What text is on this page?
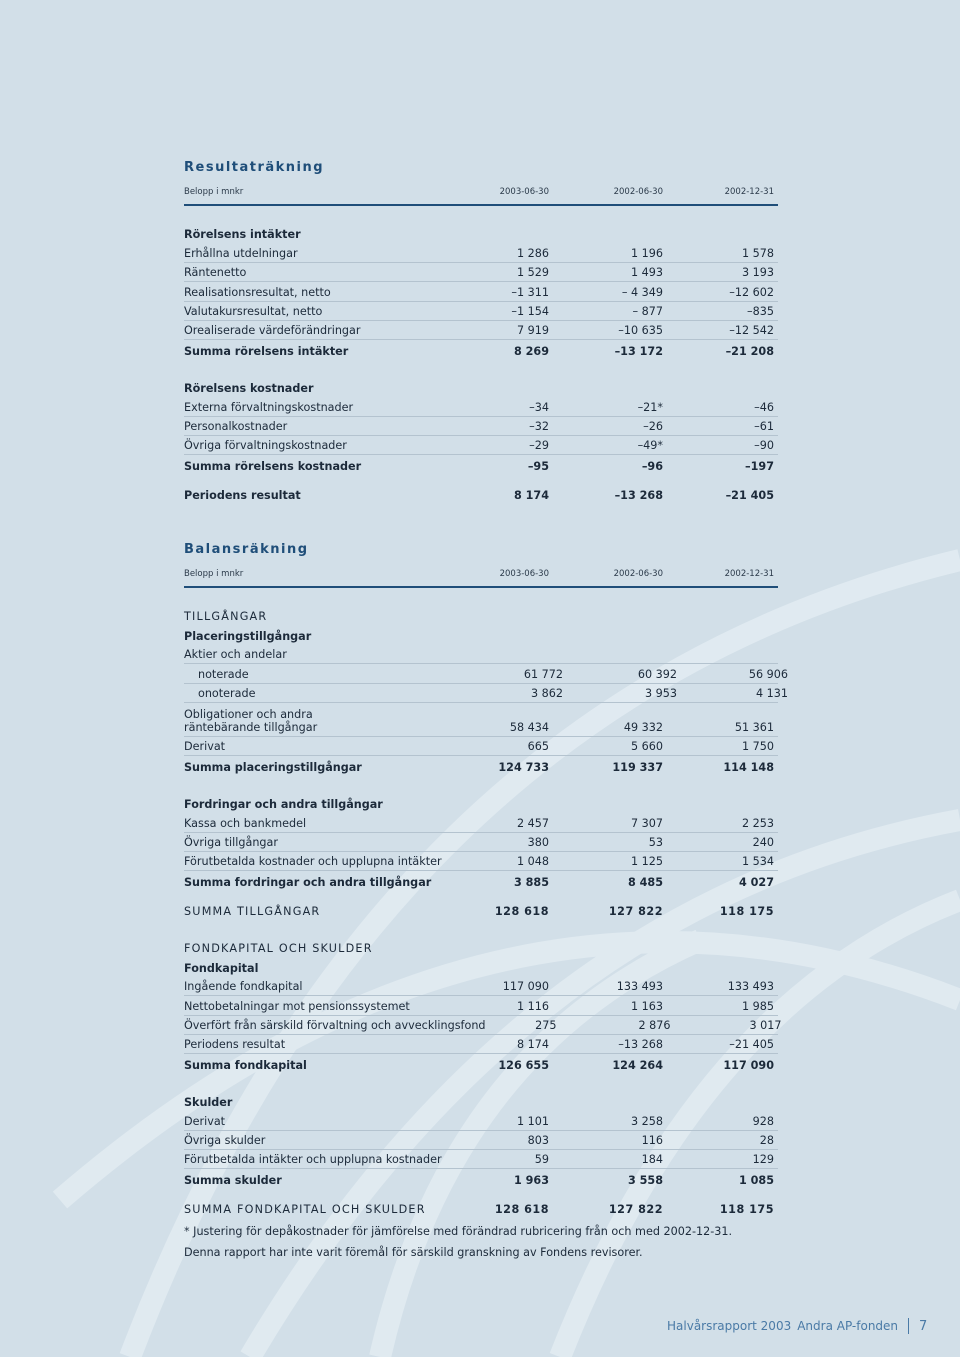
Resultaträkning
Belopp i mnkr	2003-06-30	2002-06-30	2002-12-31
Rörelsens intäkter
Erhållna utdelningar	1 286	1 196	1 578
Räntenetto	1 529	1 493	3 193
Realisationsresultat, netto	–1 311	– 4 349	–12 602
Valutakursresultat, netto	–1 154	– 877	–835
Orealiserade värdeförändringar	7 919	–10 635	–12 542
Summa rörelsens intäkter	8 269	–13 172	–21 208
Rörelsens kostnader
Externa förvaltningskostnader	–34	–21*	–46
Personalkostnader	–32	–26	–61
Övriga förvaltningskostnader	–29	–49*	–90
Summa rörelsens kostnader	–95	–96	–197
Periodens resultat	8 174	–13 268	–21 405
Balansräkning
Belopp i mnkr	2003-06-30	2002-06-30	2002-12-31
TILLGÅNGAR
Placeringstillgångar
Aktier och andelar
noterade	61 772	60 392	56 906
onoterade	3 862	3 953	4 131
Obligationer och andra
räntebärande tillgångar	58 434	49 332	51 361
Derivat	665	5 660	1 750
Summa placeringstillgångar	124 733	119 337	114 148
Fordringar och andra tillgångar
Kassa och bankmedel	2 457	7 307	2 253
Övriga tillgångar	380	53	240
Förutbetalda kostnader och upplupna intäkter	1 048	1 125	1 534
Summa fordringar och andra tillgångar	3 885	8 485	4 027
SUMMA TILLGÅNGAR	128 618	127 822	118 175
FONDKAPITAL OCH SKULDER
Fondkapital
Ingående fondkapital	117 090	133 493	133 493
Nettobetalningar mot pensionssystemet	1 116	1 163	1 985
Överfört från särskild förvaltning och avvecklingsfond	275	2 876	3 017
Periodens resultat	8 174	–13 268	–21 405
Summa fondkapital	126 655	124 264	117 090
Skulder
Derivat	1 101	3 258	928
Övriga skulder	803	116	28
Förutbetalda intäkter och upplupna kostnader	59	184	129
Summa skulder	1 963	3 558	1 085
SUMMA FONDKAPITAL OCH SKULDER	128 618	127 822	118 175
* Justering för depåkostnader för jämförelse med förändrad rubricering från och med 2002-12-31.
Denna rapport har inte varit föremål för särskild granskning av Fondens revisorer.
Halvårsrapport 2003 Andra AP-fonden 7
